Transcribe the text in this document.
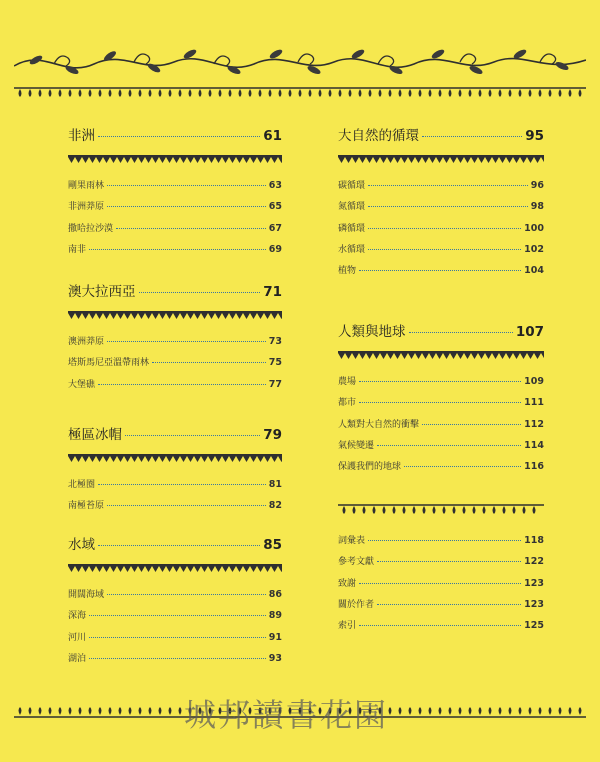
非洲	61
剛果雨林	63
非洲莽原	65
撒哈拉沙漠	67
南非	69
澳大拉西亞	71
澳洲莽原	73
塔斯馬尼亞溫帶雨林	75
大堡礁	77
極區冰帽	79
北極圈	81
南極苔原	82
水域	85
開闊海域	86
深海	89
河川	91
湖泊	93
大自然的循環	95
碳循環	96
氮循環	98
磷循環	100
水循環	102
植物	104
人類與地球	107
農場	109
都市	111
人類對大自然的衝擊	112
氣候變遷	114
保護我們的地球	116
詞彙表	118
參考文獻	122
致謝	123
關於作者	123
索引	125
城邦讀書花園
